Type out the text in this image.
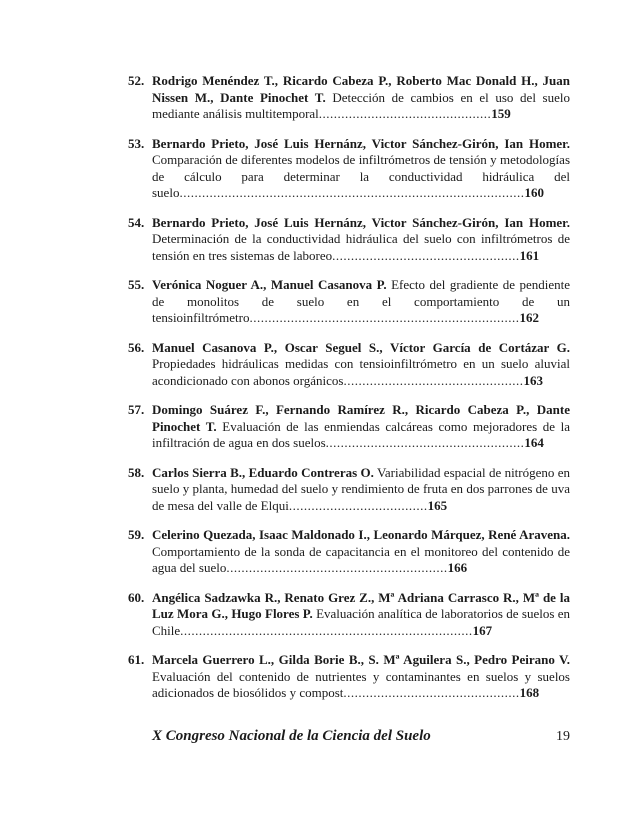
52. Rodrigo Menéndez T., Ricardo Cabeza P., Roberto Mac Donald H., Juan Nissen M., Dante Pinochet T. Detección de cambios en el uso del suelo mediante análisis multitemporal..............................................159

53. Bernardo Prieto, José Luis Hernánz, Victor Sánchez-Girón, Ian Homer. Comparación de diferentes modelos de infiltrómetros de tensión y metodologías de cálculo para determinar la conductividad hidráulica del suelo............................................................................................160

54. Bernardo Prieto, José Luis Hernánz, Victor Sánchez-Girón, Ian Homer. Determinación de la conductividad hidráulica del suelo con infiltrómetros de tensión en tres sistemas de laboreo..................................................161

55. Verónica Noguer A., Manuel Casanova P. Efecto del gradiente de pendiente de monolitos de suelo en el comportamiento de un tensioinfiltrómetro........................................................................162

56. Manuel Casanova P., Oscar Seguel S., Víctor García de Cortázar G. Propiedades hidráulicas medidas con tensioinfiltrómetro en un suelo aluvial acondicionado con abonos orgánicos................................................163

57. Domingo Suárez F., Fernando Ramírez R., Ricardo Cabeza P., Dante Pinochet T. Evaluación de las enmiendas calcáreas como mejoradores de la infiltración de agua en dos suelos.....................................................164

58. Carlos Sierra B., Eduardo Contreras O. Variabilidad espacial de nitrógeno en suelo y planta, humedad del suelo y rendimiento de fruta en dos parrones de uva de mesa del valle de Elqui.....................................165

59. Celerino Quezada, Isaac Maldonado I., Leonardo Márquez, René Aravena. Comportamiento de la sonda de capacitancia en el monitoreo del contenido de agua del suelo...........................................................166

60. Angélica Sadzawka R., Renato Grez Z., Mª Adriana Carrasco R., Mª de la Luz Mora G., Hugo Flores P. Evaluación analítica de laboratorios de suelos en Chile..............................................................................167

61. Marcela Guerrero L., Gilda Borie B., S. Mª Aguilera S., Pedro Peirano V. Evaluación del contenido de nutrientes y contaminantes en suelos y suelos adicionados de biosólidos y compost...............................................168

X Congreso Nacional de la Ciencia del Suelo	19
